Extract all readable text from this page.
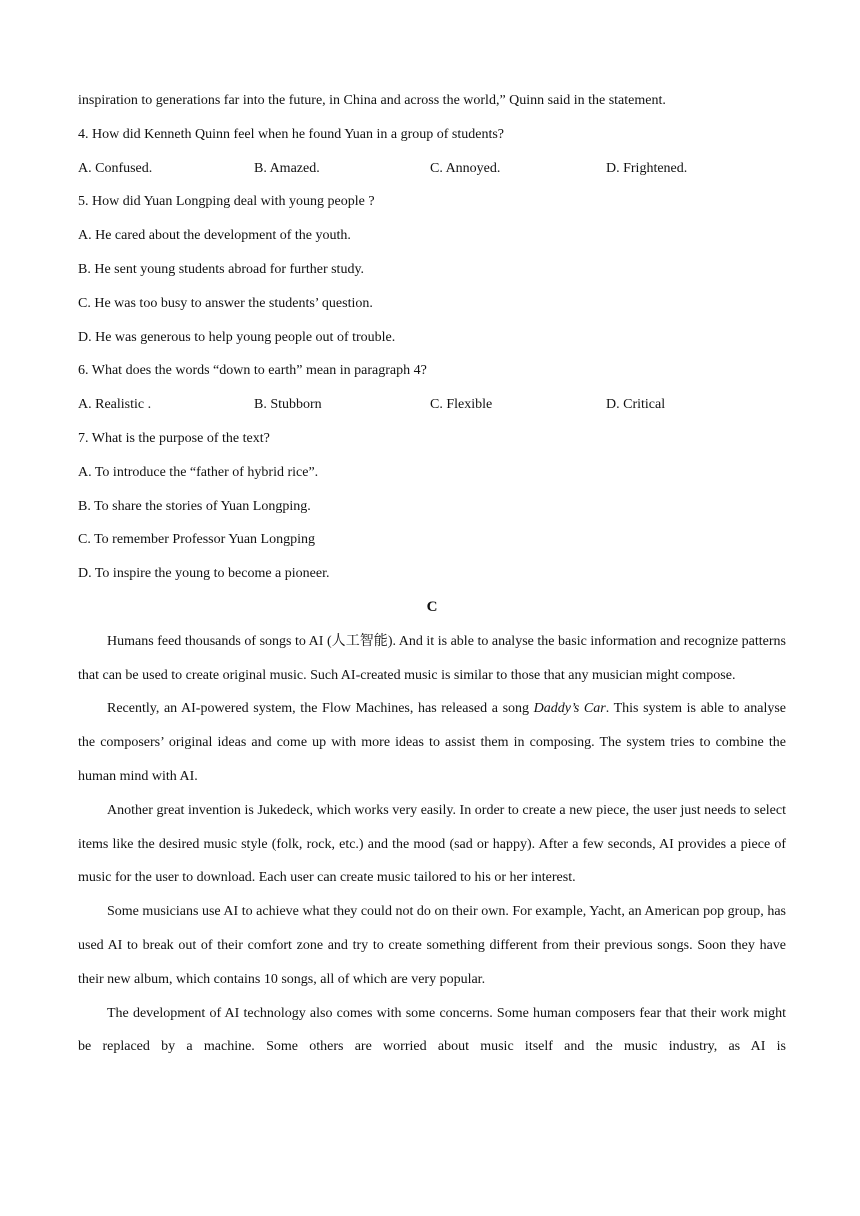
inspiration to generations far into the future, in China and across the world,” Quinn said in the statement.

4. How did Kenneth Quinn feel when he found Yuan in a group of students?

A. Confused.	B. Amazed.	C. Annoyed.	D. Frightened.

5. How did Yuan Longping deal with young people ?

A. He cared about the development of the youth.

B. He sent young students abroad for further study.

C. He was too busy to answer the students’ question.

D. He was generous to help young people out of trouble.

6. What does the words “down to earth” mean in paragraph 4?

A. Realistic .	B. Stubborn	C. Flexible	D. Critical

7. What is the purpose of the text?

A. To introduce the “father of hybrid rice”.

B. To share the stories of Yuan Longping.

C. To remember Professor Yuan Longping

D. To inspire the young to become a pioneer.

C

Humans feed thousands of songs to AI (人工智能). And it is able to analyse the basic information and recognize patterns that can be used to create original music. Such AI-created music is similar to those that any musician might compose.

Recently, an AI-powered system, the Flow Machines, has released a song Daddy’s Car. This system is able to analyse the composers’ original ideas and come up with more ideas to assist them in composing. The system tries to combine the human mind with AI.

Another great invention is Jukedeck, which works very easily. In order to create a new piece, the user just needs to select items like the desired music style (folk, rock, etc.) and the mood (sad or happy). After a few seconds, AI provides a piece of music for the user to download. Each user can create music tailored to his or her interest.

Some musicians use AI to achieve what they could not do on their own. For example, Yacht, an American pop group, has used AI to break out of their comfort zone and try to create something different from their previous songs. Soon they have their new album, which contains 10 songs, all of which are very popular.

The development of AI technology also comes with some concerns. Some human composers fear that their work might be replaced by a machine. Some others are worried about music itself and the music industry, as AI is
